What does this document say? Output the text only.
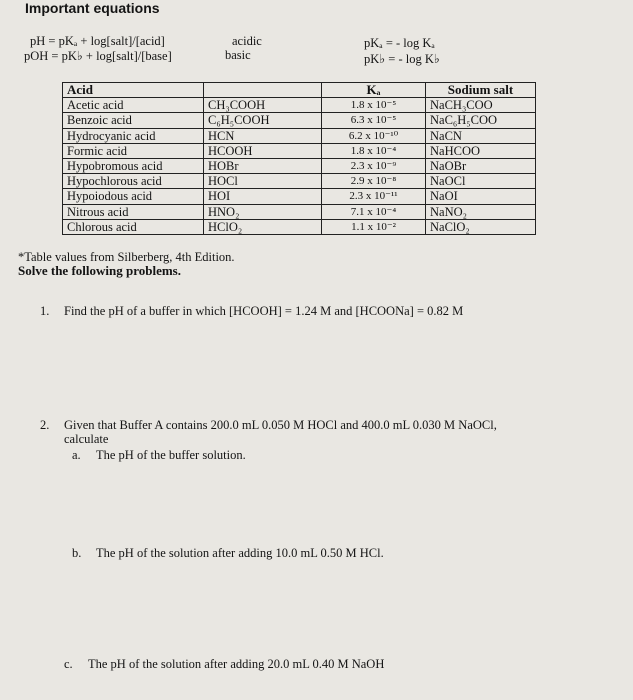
Important equations
pH = pKₐ + log[salt]/[acid]
pOH = pK♭ + log[salt]/[base]
acidic
basic
pKₐ = - log Kₐ
pK♭ = - log K♭
Acid		Kₐ	Sodium salt
Acetic acid	CH₃COOH	1.8 x 10⁻⁵	NaCH₃COO
Benzoic acid	C₆H₅COOH	6.3 x 10⁻⁵	NaC₆H₅COO
Hydrocyanic acid	HCN	6.2 x 10⁻¹⁰	NaCN
Formic acid	HCOOH	1.8 x 10⁻⁴	NaHCOO
Hypobromous acid	HOBr	2.3 x 10⁻⁹	NaOBr
Hypochlorous acid	HOCl	2.9 x 10⁻⁸	NaOCl
Hypoiodous acid	HOI	2.3 x 10⁻¹¹	NaOI
Nitrous acid	HNO₂	7.1 x 10⁻⁴	NaNO₂
Chlorous acid	HClO₂	1.1 x 10⁻²	NaClO₂
*Table values from Silberberg, 4th Edition.
Solve the following problems.
1. Find the pH of a buffer in which [HCOOH] = 1.24 M and [HCOONa] = 0.82 M
2. Given that Buffer A contains 200.0 mL 0.050 M HOCl and 400.0 mL 0.030 M NaOCl,
calculate
a. The pH of the buffer solution.
b. The pH of the solution after adding 10.0 mL 0.50 M HCl.
c. The pH of the solution after adding 20.0 mL 0.40 M NaOH
